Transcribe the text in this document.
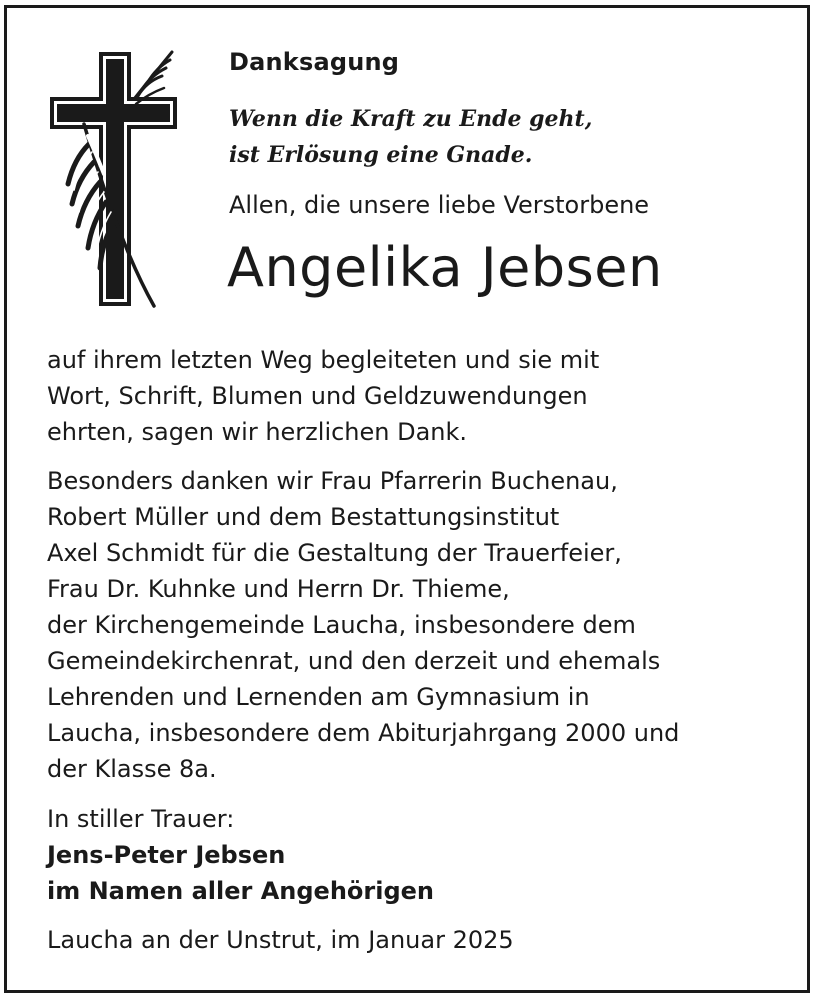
Danksagung
Wenn die Kraft zu Ende geht,
ist Erlösung eine Gnade.
Allen, die unsere liebe Verstorbene
Angelika Jebsen
auf ihrem letzten Weg begleiteten und sie mit
Wort, Schrift, Blumen und Geldzuwendungen
ehrten, sagen wir herzlichen Dank.
Besonders danken wir Frau Pfarrerin Buchenau,
Robert Müller und dem Bestattungsinstitut
Axel Schmidt für die Gestaltung der Trauerfeier,
Frau Dr. Kuhnke und Herrn Dr. Thieme,
der Kirchengemeinde Laucha, insbesondere dem
Gemeindekirchenrat, und den derzeit und ehemals
Lehrenden und Lernenden am Gymnasium in
Laucha, insbesondere dem Abiturjahrgang 2000 und
der Klasse 8a.
In stiller Trauer:
Jens-Peter Jebsen
im Namen aller Angehörigen
Laucha an der Unstrut, im Januar 2025
